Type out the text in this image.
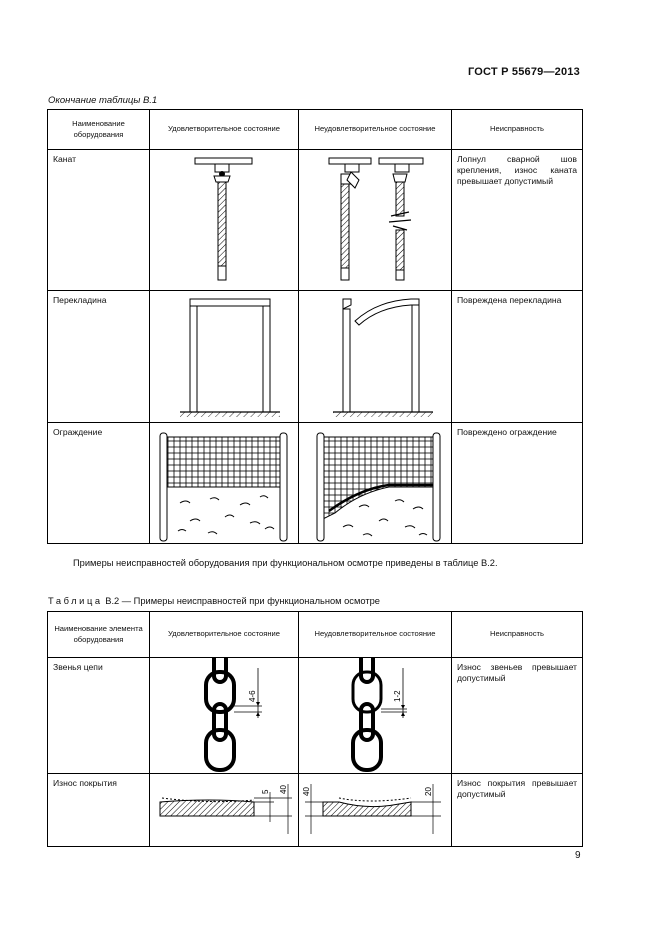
ГОСТ Р 55679—2013
Окончание таблицы В.1
Наименование оборудования	Удовлетворительное состояние	Неудовлетворительное состояние	Неисправность
Канат			Лопнул сварной шов крепления, износ каната превышает допустимый
Перекладина			Повреждена перекладина
Ограждение			Повреждено ограждение
Примеры неисправностей оборудования при функциональном осмотре приведены в таблице В.2.
Таблица В.2 — Примеры неисправностей при функциональном осмотре
Наименование элемента оборудования	Удовлетворительное состояние	Неудовлетворительное состояние	Неисправность
Звенья цепи	4-6	1-2	Износ звеньев превышает допустимый
Износ покрытия	5 40	40 20	Износ покрытия превышает допустимый
9
